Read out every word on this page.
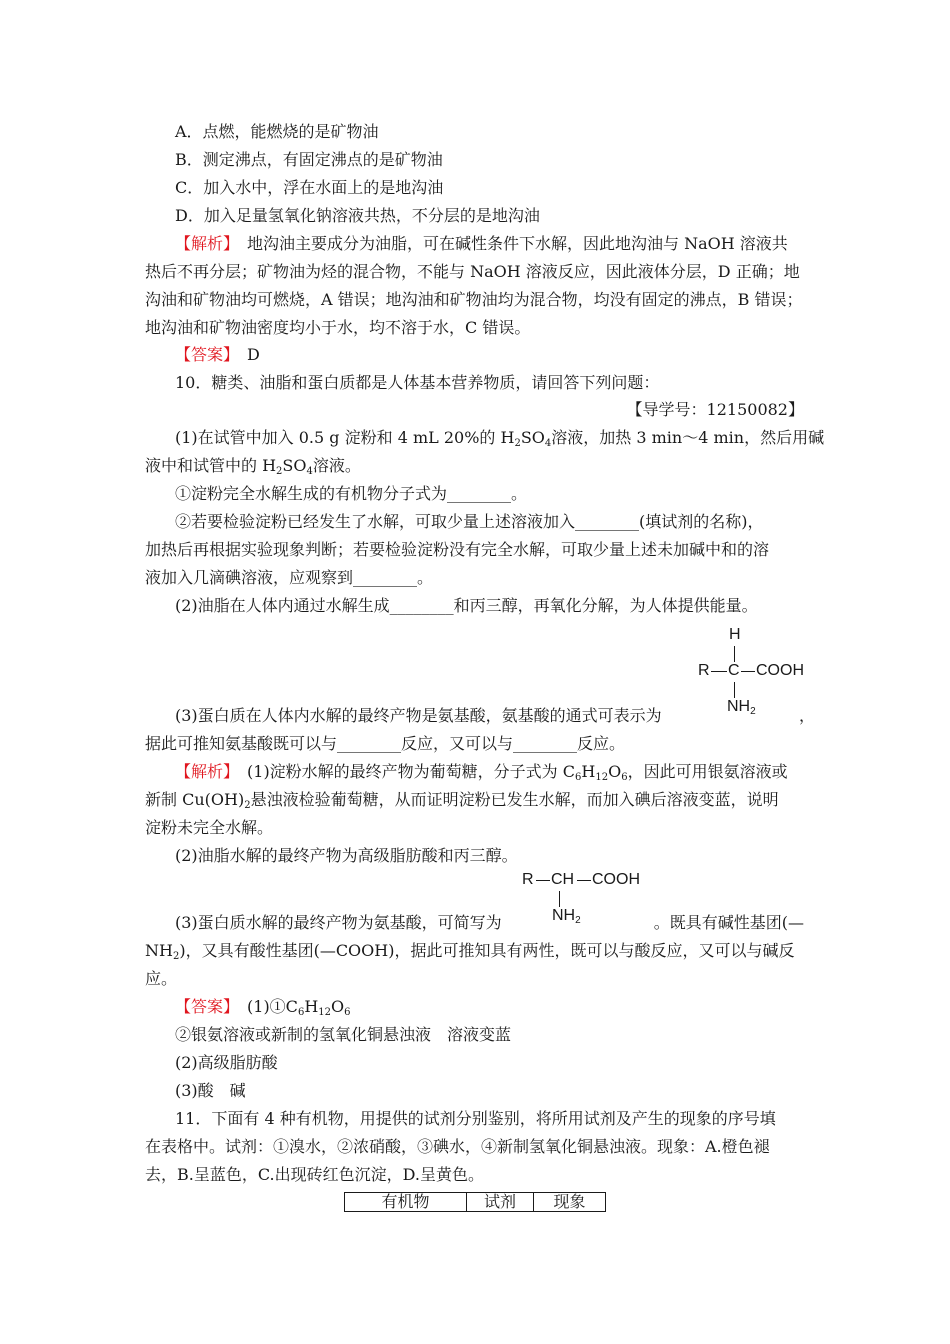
A．点燃，能燃烧的是矿物油
B．测定沸点，有固定沸点的是矿物油
C．加入水中，浮在水面上的是地沟油
D．加入足量氢氧化钠溶液共热，不分层的是地沟油
【解析】　地沟油主要成分为油脂，可在碱性条件下水解，因此地沟油与 NaOH 溶液共
热后不再分层；矿物油为烃的混合物，不能与 NaOH 溶液反应，因此液体分层，D 正确；地
沟油和矿物油均可燃烧，A 错误；地沟油和矿物油均为混合物，均没有固定的沸点，B 错误；
地沟油和矿物油密度均小于水，均不溶于水，C 错误。
【答案】　D
10．糖类、油脂和蛋白质都是人体基本营养物质，请回答下列问题：
【导学号：12150082】
(1)在试管中加入 0.5 g 淀粉和 4 mL 20%的 $H_2SO_4$溶液，加热 3 min～4 min，然后用碱
液中和试管中的 $H_2SO_4$溶液。
①淀粉完全水解生成的有机物分子式为________。
②若要检验淀粉已经发生了水解，可取少量上述溶液加入________(填试剂的名称)，
加热后再根据实验现象判断；若要检验淀粉没有完全水解，可取少量上述未加碱中和的溶
液加入几滴碘溶液，应观察到________。
(2)油脂在人体内通过水解生成________和丙三醇，再氧化分解，为人体提供能量。
H
R C COOH
$NH_2$
(3)蛋白质在人体内水解的最终产物是氨基酸，氨基酸的通式可表示为	，
据此可推知氨基酸既可以与________反应，又可以与________反应。
【解析】　(1)淀粉水解的最终产物为葡萄糖，分子式为 $C_6H_{12}O_6$，因此可用银氨溶液或
新制 $Cu(OH)_2$悬浊液检验葡萄糖，从而证明淀粉已发生水解，而加入碘后溶液变蓝，说明
淀粉未完全水解。
(2)油脂水解的最终产物为高级脂肪酸和丙三醇。
R CH COOH
$NH_2$
(3)蛋白质水解的最终产物为氨基酸，可简写为	。既具有碱性基团(—
$NH_2$)，又具有酸性基团(—COOH)，据此可推知具有两性，既可以与酸反应，又可以与碱反
应。
【答案】　$(1)①C_6H_{12}O_6$
②银氨溶液或新制的氢氧化铜悬浊液　溶液变蓝
(2)高级脂肪酸
(3)酸　碱
11．下面有 4 种有机物，用提供的试剂分别鉴别，将所用试剂及产生的现象的序号填
在表格中。试剂：①溴水，②浓硝酸，③碘水，④新制氢氧化铜悬浊液。现象：A.橙色褪
去，B.呈蓝色，C.出现砖红色沉淀，D.呈黄色。
有机物	试剂	现象
